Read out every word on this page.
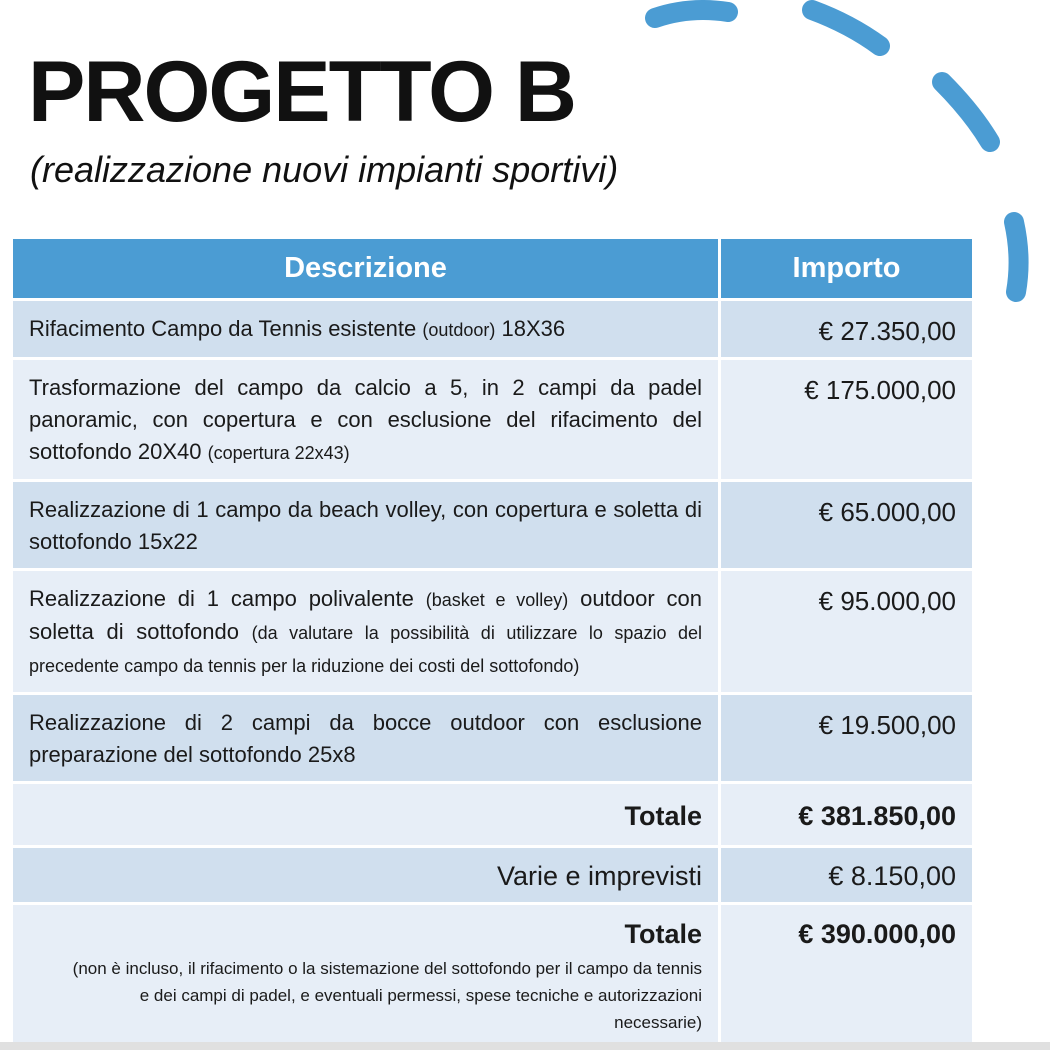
PROGETTO B

(realizzazione nuovi impianti sportivi)

Descrizione	Importo
Rifacimento Campo da Tennis esistente (outdoor) 18X36	€ 27.350,00
Trasformazione del campo da calcio a 5, in 2 campi da padel panoramic, con copertura e con esclusione del rifacimento del sottofondo 20X40 (copertura 22x43)	€ 175.000,00
Realizzazione di 1 campo da beach volley, con copertura e soletta di sottofondo 15x22	€ 65.000,00
Realizzazione di 1 campo polivalente (basket e volley) outdoor con soletta di sottofondo (da valutare la possibilità di utilizzare lo spazio del precedente campo da tennis per la riduzione dei costi del sottofondo)	€ 95.000,00
Realizzazione di 2 campi da bocce outdoor con esclusione preparazione del sottofondo 25x8	€ 19.500,00
Totale	€ 381.850,00
Varie e imprevisti	€ 8.150,00
Totale
(non è incluso, il rifacimento o la sistemazione del sottofondo per il campo da tennis e dei campi di padel, e eventuali permessi, spese tecniche e autorizzazioni necessarie)	€ 390.000,00
